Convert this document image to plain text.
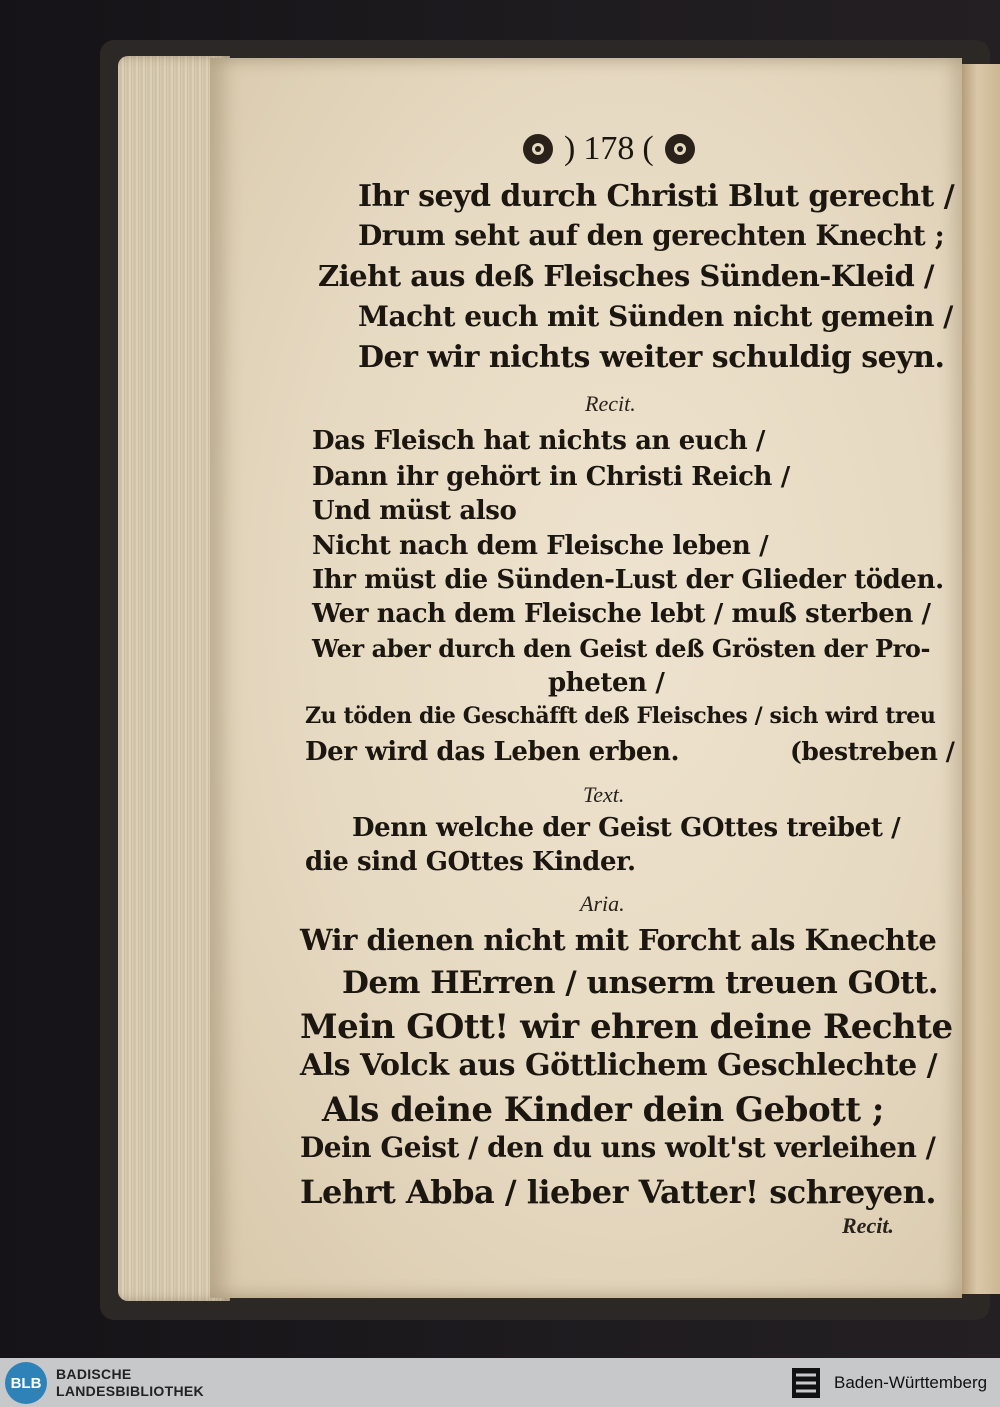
) 178 (
Ihr seyd durch Christi Blut gerecht /
Drum seht auf den gerechten Knecht ;
Zieht aus deß Fleisches Sünden-Kleid /
Macht euch mit Sünden nicht gemein /
Der wir nichts weiter schuldig seyn.
Recit.
Das Fleisch hat nichts an euch /
Dann ihr gehört in Christi Reich /
Und müst also
Nicht nach dem Fleische leben /
Ihr müst die Sünden-Lust der Glieder töden.
Wer nach dem Fleische lebt / muß sterben /
Wer aber durch den Geist deß Grösten der Pro-
pheten /
Zu töden die Geschäfft deß Fleisches / sich wird treu
Der wird das Leben erben.	(bestreben /
Text.
Denn welche der Geist GOttes treibet /
die sind GOttes Kinder.
Aria.
Wir dienen nicht mit Forcht als Knechte
Dem HErren / unserm treuen GOtt.
Mein GOtt! wir ehren deine Rechte
Als Volck aus Göttlichem Geschlechte /
Als deine Kinder dein Gebott ;
Dein Geist / den du uns wolt'st verleihen /
Lehrt Abba / lieber Vatter! schreyen.
Recit.
BLB
BADISCHE
LANDESBIBLIOTHEK	Baden-Württemberg
